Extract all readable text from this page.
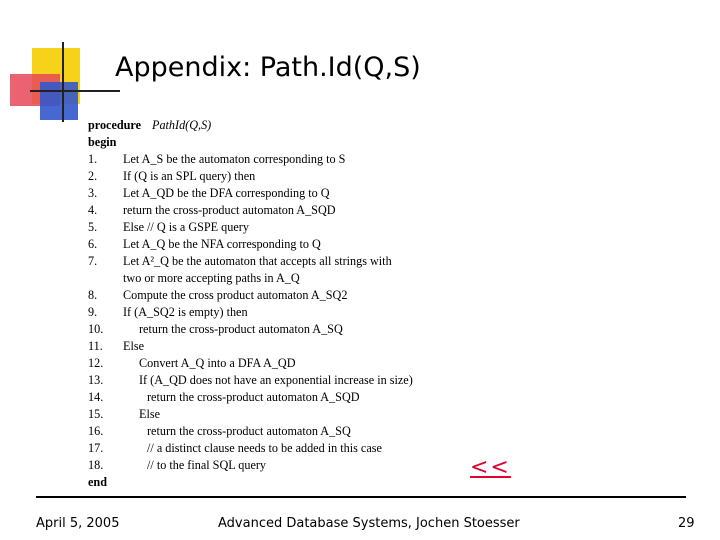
Appendix: Path.Id(Q,S)
procedure PathId(Q,S)
begin
1.	Let A_S be the automaton corresponding to S
2.	If (Q is an SPL query) then
3.	Let A_QD be the DFA corresponding to Q
4.	return the cross-product automaton A_SQD
5.	Else // Q is a GSPE query
6.	Let A_Q be the NFA corresponding to Q
7.	Let A²_Q be the automaton that accepts all strings with
two or more accepting paths in A_Q
8.	Compute the cross product automaton A_SQ2
9.	If (A_SQ2 is empty) then
10.	return the cross-product automaton A_SQ
11.	Else
12.	Convert A_Q into a DFA A_QD
13.	If (A_QD does not have an exponential increase in size)
14.	return the cross-product automaton A_SQD
15.	Else
16.	return the cross-product automaton A_SQ
17.	// a distinct clause needs to be added in this case
18.	// to the final SQL query
end
<<
April 5, 2005	Advanced Database Systems, Jochen Stoesser	29
